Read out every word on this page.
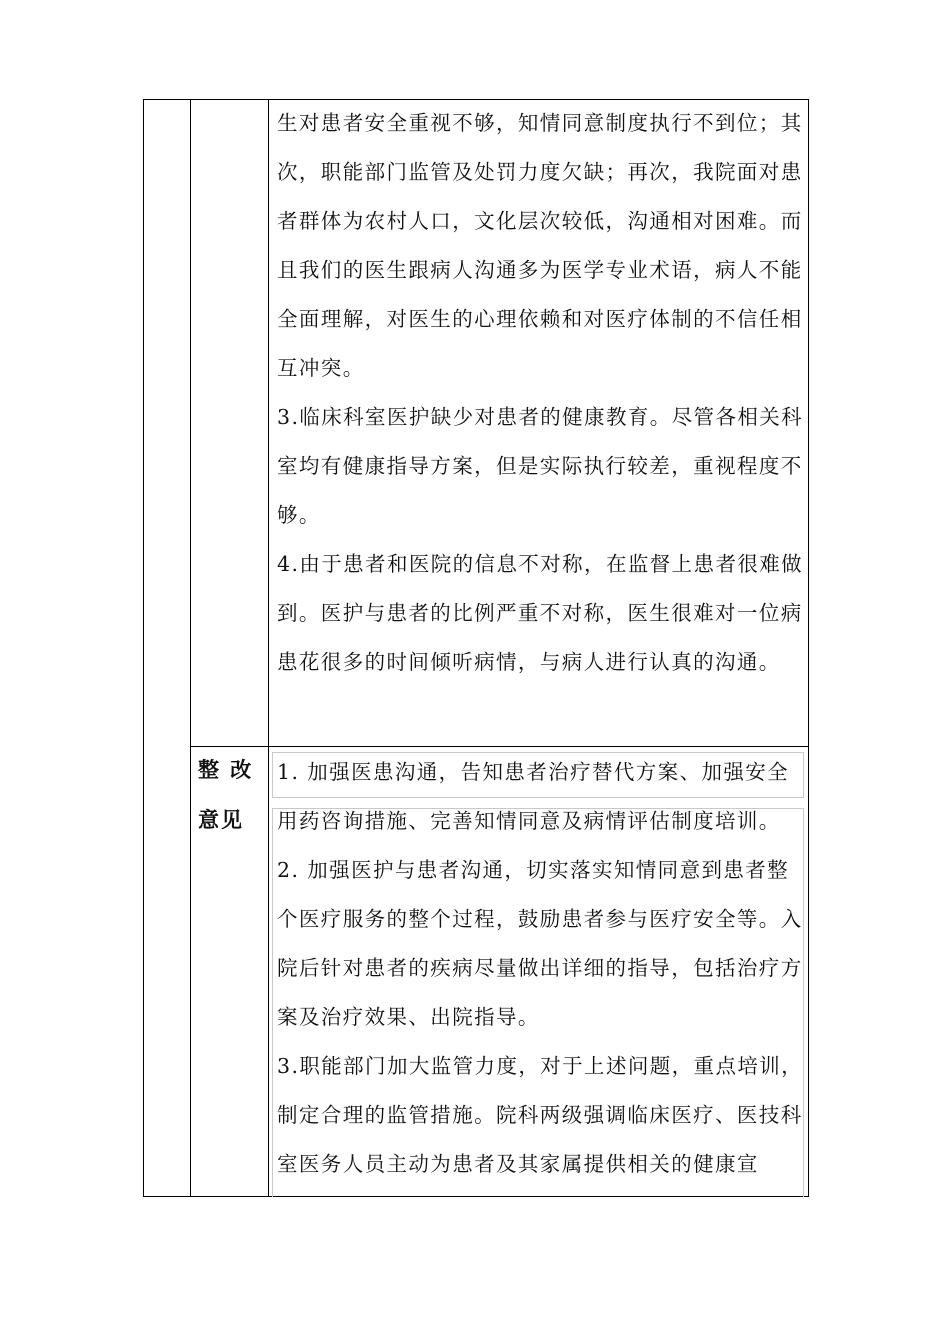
生对患者安全重视不够，知情同意制度执行不到位；其次，职能部门监管及处罚力度欠缺；再次，我院面对患者群体为农村人口，文化层次较低，沟通相对困难。而且我们的医生跟病人沟通多为医学专业术语，病人不能全面理解，对医生的心理依赖和对医疗体制的不信任相互冲突。
3.临床科室医护缺少对患者的健康教育。尽管各相关科室均有健康指导方案，但是实际执行较差，重视程度不够。
4.由于患者和医院的信息不对称，在监督上患者很难做到。医护与患者的比例严重不对称，医生很难对一位病患花很多的时间倾听病情，与病人进行认真的沟通。
整 改
意见
1. 加强医患沟通，告知患者治疗替代方案、加强安全用药咨询措施、完善知情同意及病情评估制度培训。
2. 加强医护与患者沟通，切实落实知情同意到患者整个医疗服务的整个过程，鼓励患者参与医疗安全等。入院后针对患者的疾病尽量做出详细的指导，包括治疗方案及治疗效果、出院指导。
3.职能部门加大监管力度，对于上述问题，重点培训，制定合理的监管措施。院科两级强调临床医疗、医技科室医务人员主动为患者及其家属提供相关的健康宣
